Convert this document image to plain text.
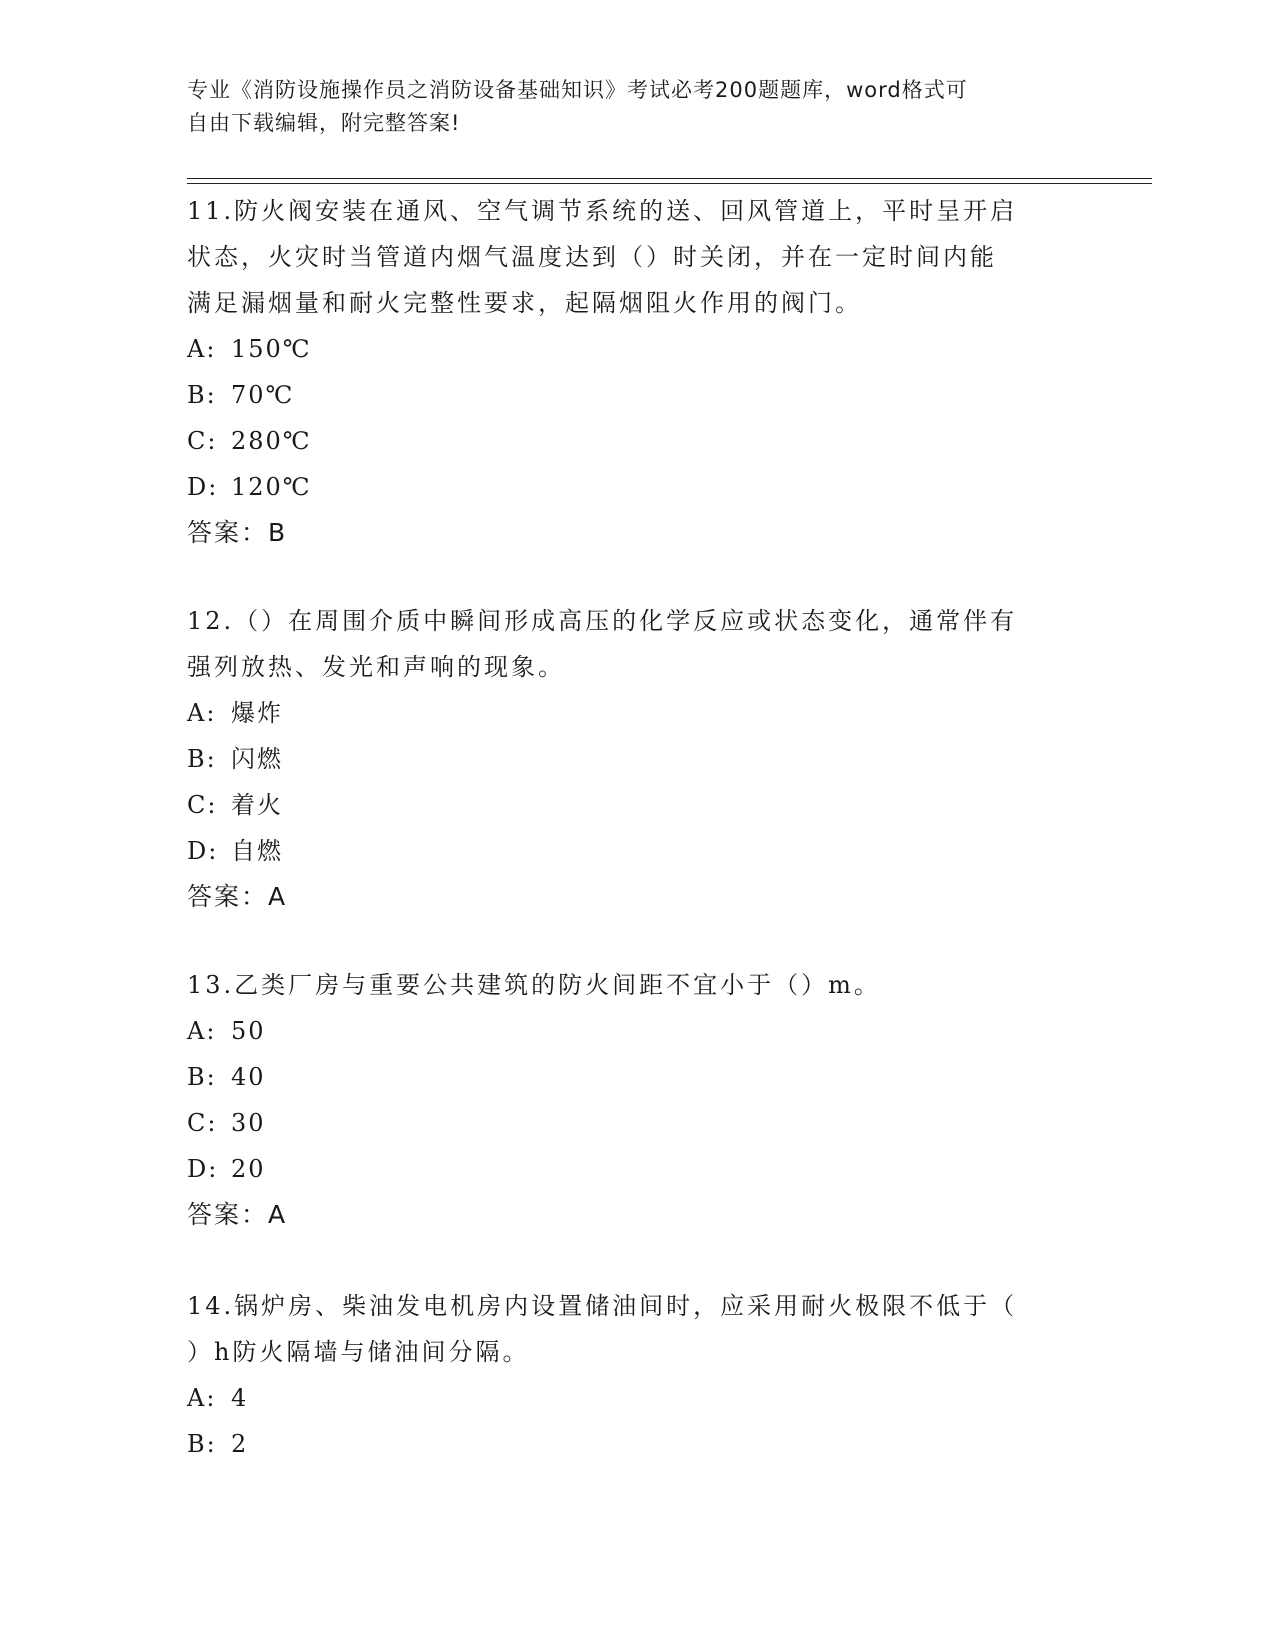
专业《消防设施操作员之消防设备基础知识》考试必考200题题库，word格式可
自由下载编辑，附完整答案!

11.防火阀安装在通风、空气调节系统的送、回风管道上，平时呈开启

状态，火灾时当管道内烟气温度达到（）时关闭，并在一定时间内能

满足漏烟量和耐火完整性要求，起隔烟阻火作用的阀门。

A: 150℃

B: 70℃

C: 280℃

D: 120℃

答案：B

12.（）在周围介质中瞬间形成高压的化学反应或状态变化，通常伴有

强列放热、发光和声响的现象。

A: 爆炸

B: 闪燃

C: 着火

D: 自燃

答案：A

13.乙类厂房与重要公共建筑的防火间距不宜小于（）m。

A: 50

B: 40

C: 30

D: 20

答案：A

14.锅炉房、柴油发电机房内设置储油间时，应采用耐火极限不低于（

）h防火隔墙与储油间分隔。

A: 4

B: 2
